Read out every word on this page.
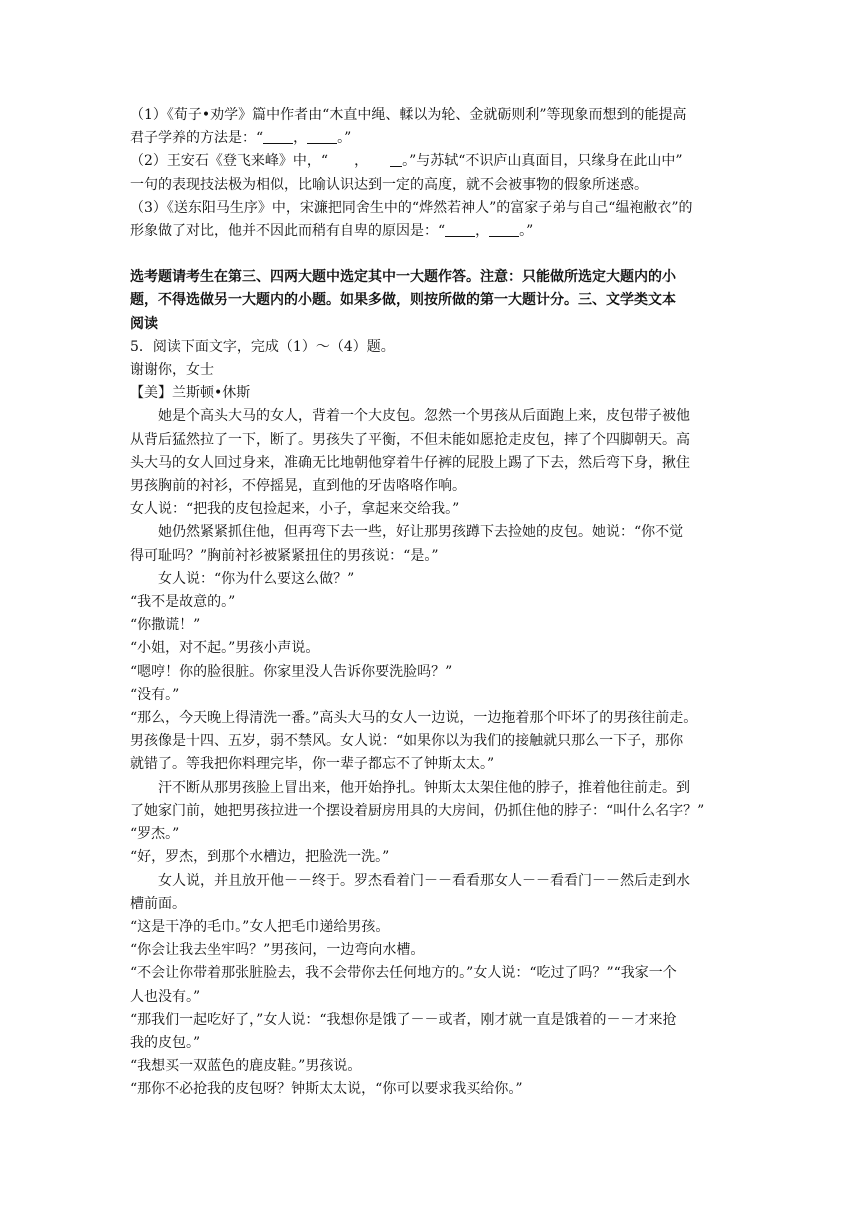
（1）《荀子•劝学》篇中作者由“木直中绳、輮以为轮、金就砺则利”等现象而想到的能提高
君子学养的方法是：“ ， 。”
（2）王安石《登飞来峰》中，“ ， 。”与苏轼“不识庐山真面目，只缘身在此山中”
一句的表现技法极为相似，比喻认识达到一定的高度，就不会被事物的假象所迷惑。
（3）《送东阳马生序》中，宋濂把同舍生中的“烨然若神人”的富家子弟与自己“缊袍敝衣”的
形象做了对比，他并不因此而稍有自卑的原因是：“ ， 。”
选考题请考生在第三、四两大题中选定其中一大题作答。注意：只能做所选定大题内的小
题，不得选做另一大题内的小题。如果多做，则按所做的第一大题计分。三、文学类文本
阅读
5．阅读下面文字，完成（1）～（4）题。
谢谢你，女士
【美】兰斯顿•休斯
她是个高头大马的女人，背着一个大皮包。忽然一个男孩从后面跑上来，皮包带子被他
从背后猛然拉了一下，断了。男孩失了平衡，不但未能如愿抢走皮包，摔了个四脚朝天。高
头大马的女人回过身来，准确无比地朝他穿着牛仔裤的屁股上踢了下去，然后弯下身，揪住
男孩胸前的衬衫，不停摇晃，直到他的牙齿咯咯作响。
女人说：“把我的皮包捡起来，小子，拿起来交给我。”
她仍然紧紧抓住他，但再弯下去一些，好让那男孩蹲下去捡她的皮包。她说：“你不觉
得可耻吗？”胸前衬衫被紧紧扭住的男孩说：“是。”
女人说：“你为什么要这么做？”
“我不是故意的。”
“你撒谎！”
“小姐，对不起。”男孩小声说。
“嗯哼！你的脸很脏。你家里没人告诉你要洗脸吗？”
“没有。”
“那么，今天晚上得清洗一番。”高头大马的女人一边说，一边拖着那个吓坏了的男孩往前走。
男孩像是十四、五岁，弱不禁风。女人说：“如果你以为我们的接触就只那么一下子，那你
就错了。等我把你料理完毕，你一辈子都忘不了钟斯太太。”
汗不断从那男孩脸上冒出来，他开始挣扎。钟斯太太架住他的脖子，推着他往前走。到
了她家门前，她把男孩拉进一个摆设着厨房用具的大房间，仍抓住他的脖子：“叫什么名字？”
“罗杰。”
“好，罗杰，到那个水槽边，把脸洗一洗。”
女人说，并且放开他－－终于。罗杰看着门－－看看那女人－－看看门－－然后走到水
槽前面。
“这是干净的毛巾。”女人把毛巾递给男孩。
“你会让我去坐牢吗？”男孩问，一边弯向水槽。
“不会让你带着那张脏脸去，我不会带你去任何地方的。”女人说：“吃过了吗？”“我家一个
人也没有。”
“那我们一起吃好了，”女人说：“我想你是饿了－－或者，刚才就一直是饿着的－－才来抢
我的皮包。”
“我想买一双蓝色的鹿皮鞋。”男孩说。
“那你不必抢我的皮包呀？钟斯太太说，“你可以要求我买给你。”
